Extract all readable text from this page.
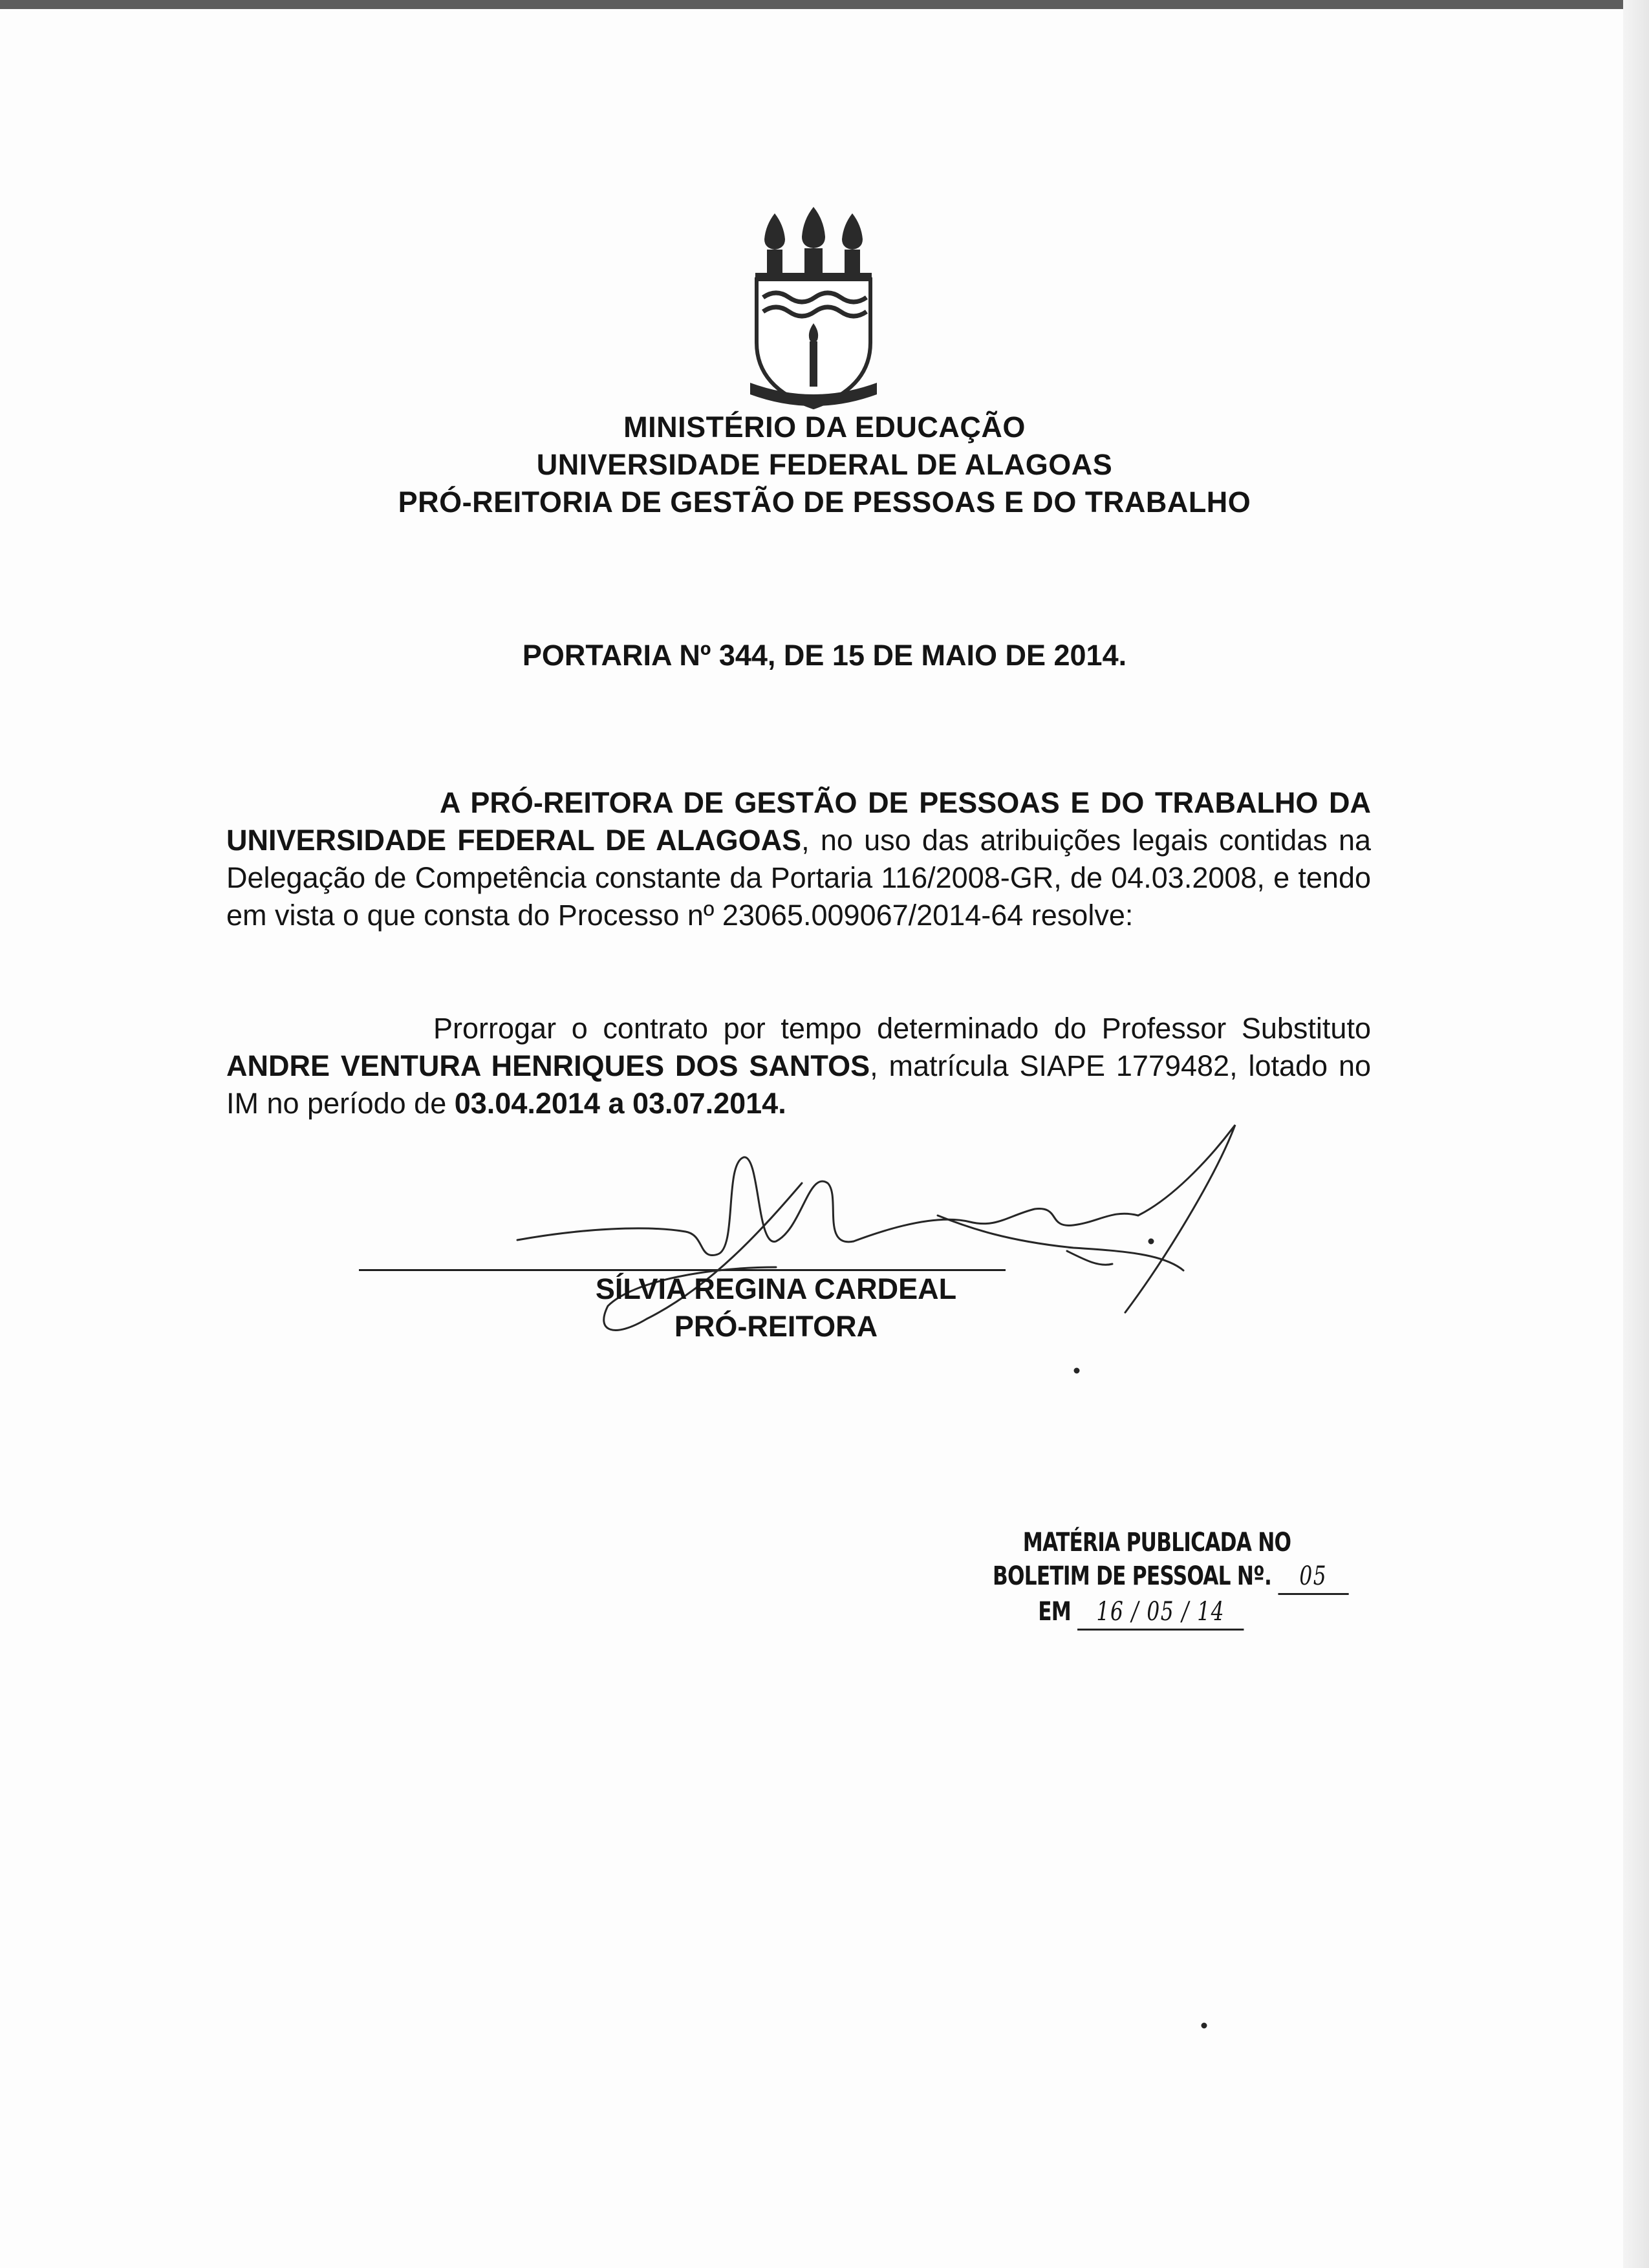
MINISTÉRIO DA EDUCAÇÃO
UNIVERSIDADE FEDERAL DE ALAGOAS
PRÓ-REITORIA DE GESTÃO DE PESSOAS E DO TRABALHO
PORTARIA Nº 344, DE 15 DE MAIO DE 2014.
A PRÓ-REITORA DE GESTÃO DE PESSOAS E DO TRABALHO DA UNIVERSIDADE FEDERAL DE ALAGOAS, no uso das atribuições legais contidas na Delegação de Competência constante da Portaria 116/2008-GR, de 04.03.2008, e tendo em vista o que consta do Processo nº 23065.009067/2014-64 resolve:
Prorrogar o contrato por tempo determinado do Professor Substituto ANDRE VENTURA HENRIQUES DOS SANTOS, matrícula SIAPE 1779482, lotado no IM no período de 03.04.2014 a 03.07.2014.
SÍLVIA REGINA CARDEAL
PRÓ-REITORA
MATÉRIA PUBLICADA NO
BOLETIM DE PESSOAL Nº. 05
EM 16 / 05 / 14
